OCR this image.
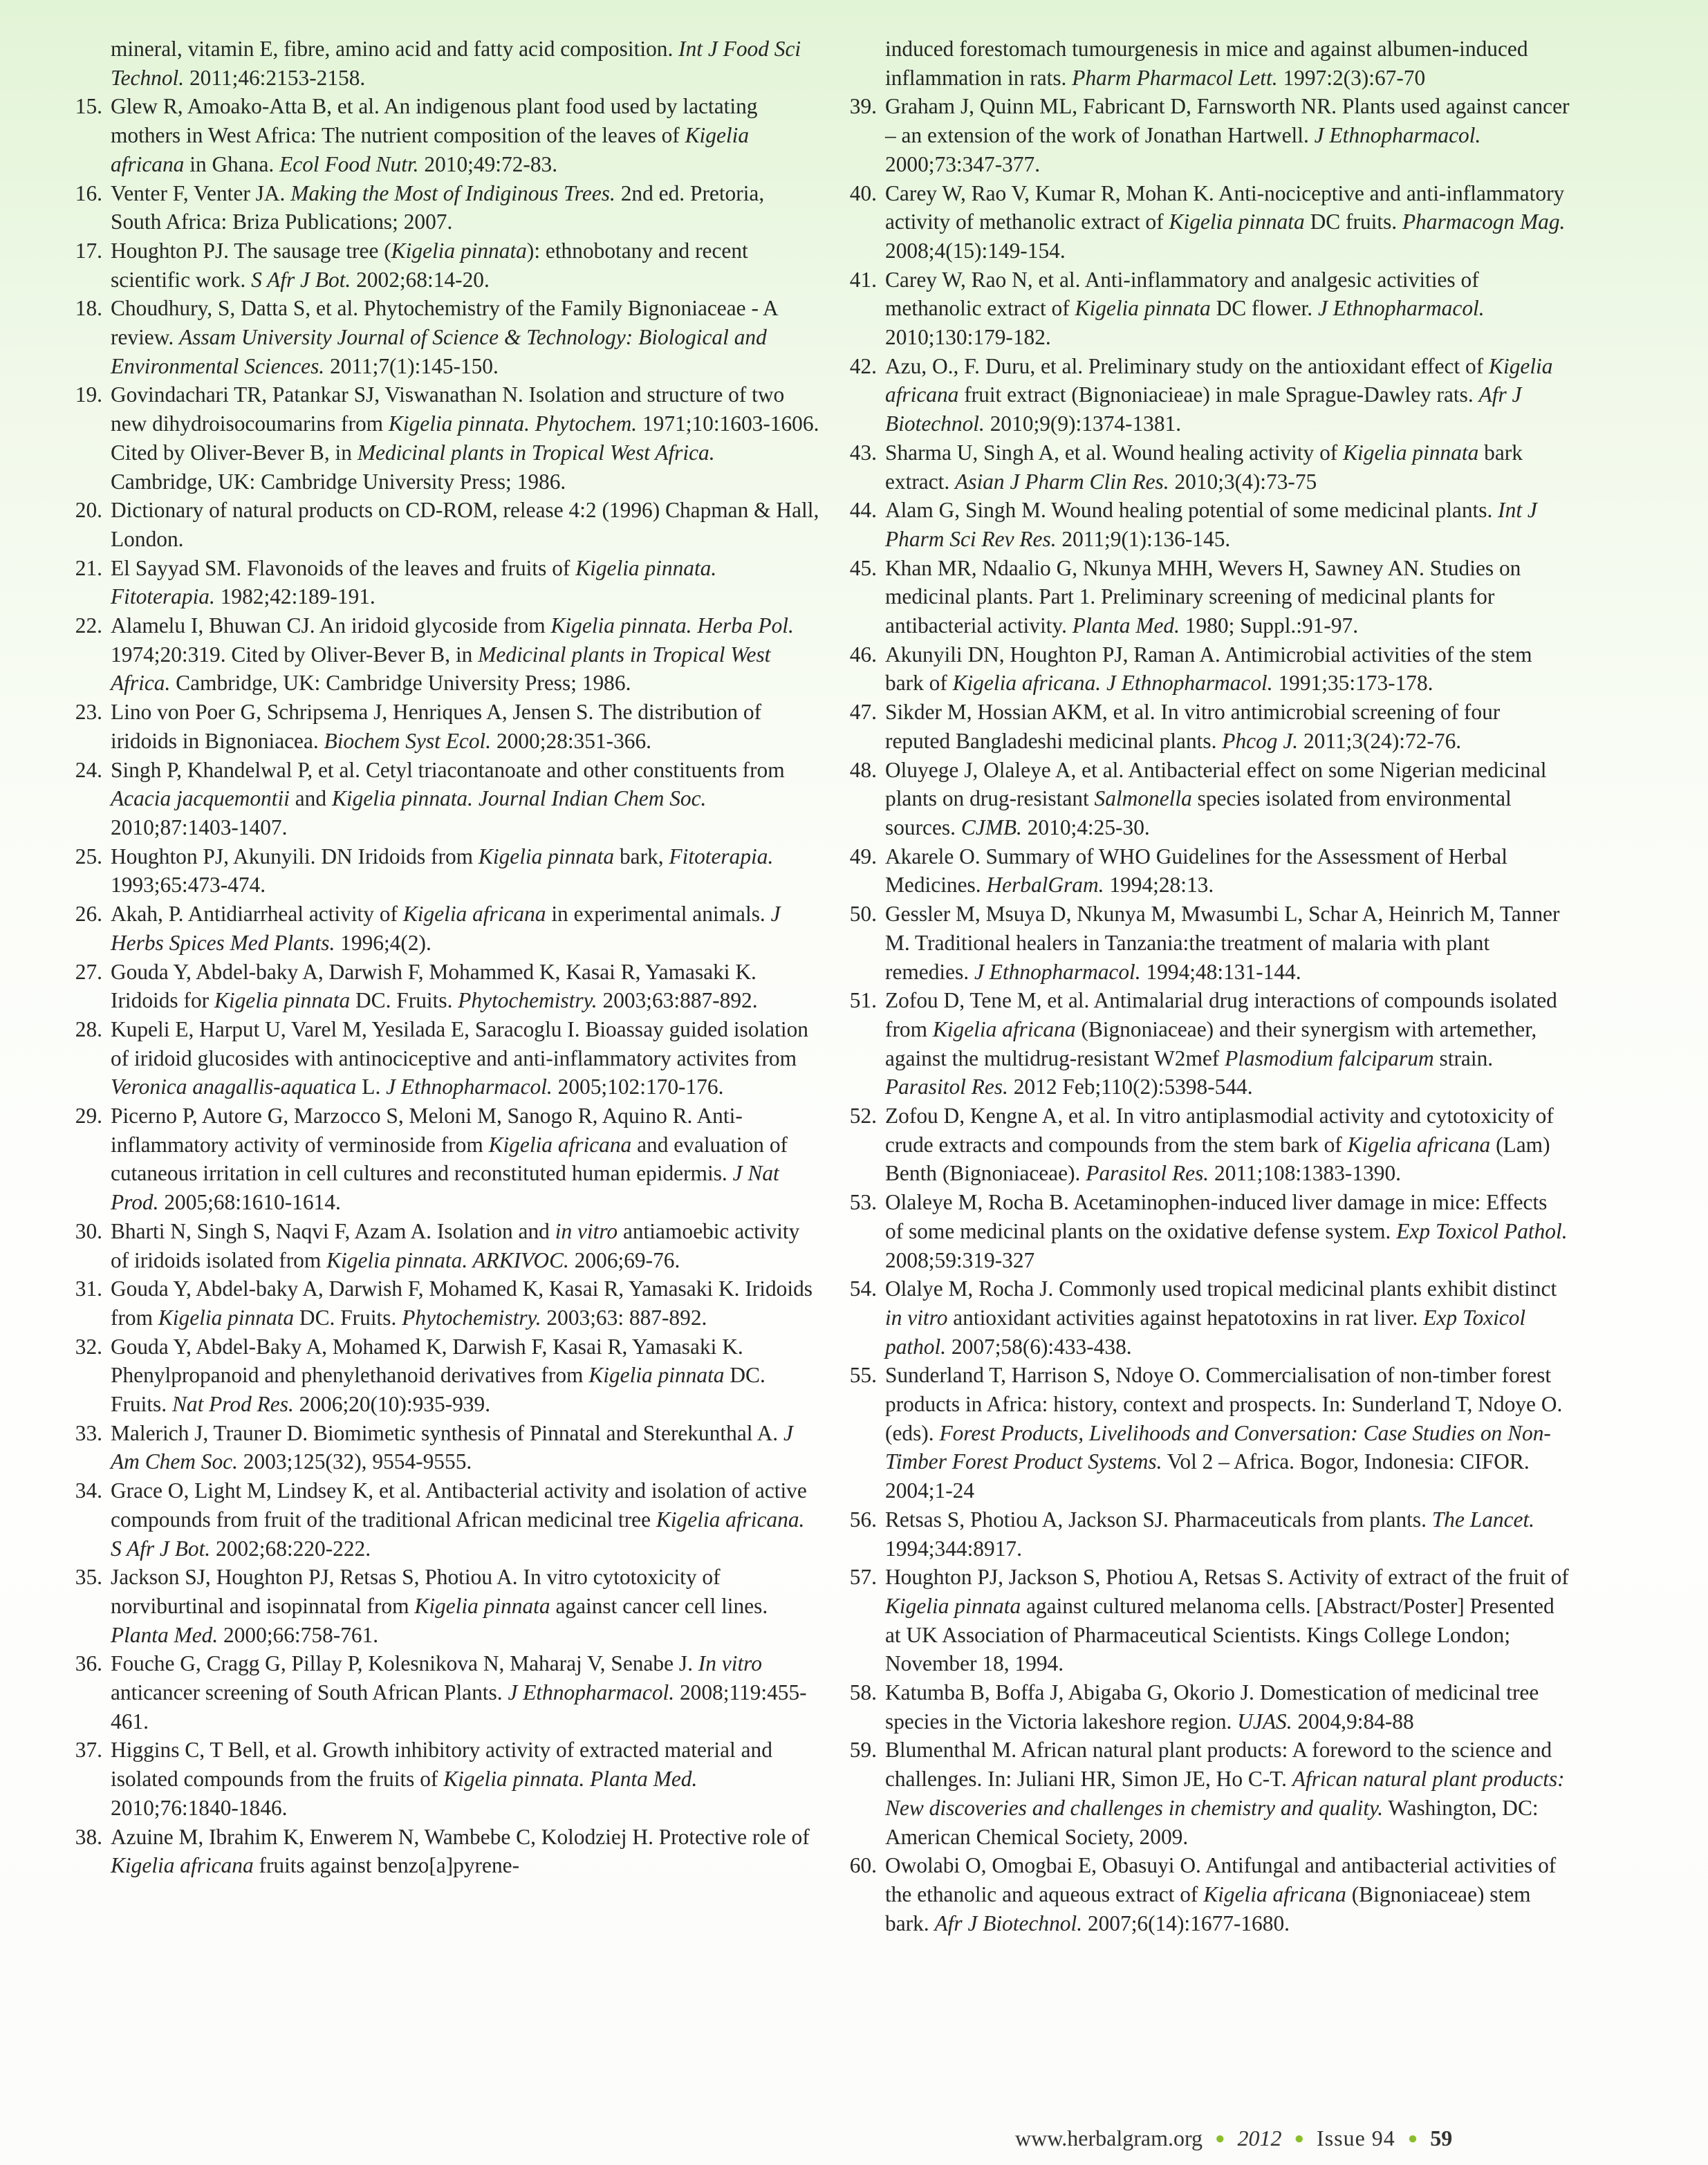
mineral, vitamin E, fibre, amino acid and fatty acid composition. Int J Food Sci Technol. 2011;46:2153-2158.

15. Glew R, Amoako-Atta B, et al. An indigenous plant food used by lactating mothers in West Africa: The nutrient composition of the leaves of Kigelia africana in Ghana. Ecol Food Nutr. 2010;49:72-83.

16. Venter F, Venter JA. Making the Most of Indiginous Trees. 2nd ed. Pretoria, South Africa: Briza Publications; 2007.

17. Houghton PJ. The sausage tree (Kigelia pinnata): ethnobotany and recent scientific work. S Afr J Bot. 2002;68:14-20.

18. Choudhury, S, Datta S, et al. Phytochemistry of the Family Bignoniaceae - A review. Assam University Journal of Science & Technology: Biological and Environmental Sciences. 2011;7(1):145-150.

19. Govindachari TR, Patankar SJ, Viswanathan N. Isolation and structure of two new dihydroisocoumarins from Kigelia pinnata. Phytochem. 1971;10:1603-1606. Cited by Oliver-Bever B, in Medicinal plants in Tropical West Africa. Cambridge, UK: Cambridge University Press; 1986.

20. Dictionary of natural products on CD-ROM, release 4:2 (1996) Chapman & Hall, London.

21. El Sayyad SM. Flavonoids of the leaves and fruits of Kigelia pinnata. Fitoterapia. 1982;42:189-191.

22. Alamelu I, Bhuwan CJ. An iridoid glycoside from Kigelia pinnata. Herba Pol. 1974;20:319. Cited by Oliver-Bever B, in Medicinal plants in Tropical West Africa. Cambridge, UK: Cambridge University Press; 1986.

23. Lino von Poer G, Schripsema J, Henriques A, Jensen S. The distribution of iridoids in Bignoniacea. Biochem Syst Ecol. 2000;28:351-366.

24. Singh P, Khandelwal P, et al. Cetyl triacontanoate and other constituents from Acacia jacquemontii and Kigelia pinnata. Journal Indian Chem Soc. 2010;87:1403-1407.

25. Houghton PJ, Akunyili. DN Iridoids from Kigelia pinnata bark, Fitoterapia. 1993;65:473-474.

26. Akah, P. Antidiarrheal activity of Kigelia africana in experimental animals. J Herbs Spices Med Plants. 1996;4(2).

27. Gouda Y, Abdel-baky A, Darwish F, Mohammed K, Kasai R, Yamasaki K. Iridoids for Kigelia pinnata DC. Fruits. Phytochemistry. 2003;63:887-892.

28. Kupeli E, Harput U, Varel M, Yesilada E, Saracoglu I. Bioassay guided isolation of iridoid glucosides with antinociceptive and anti-inflammatory activites from Veronica anagallis-aquatica L. J Ethnopharmacol. 2005;102:170-176.

29. Picerno P, Autore G, Marzocco S, Meloni M, Sanogo R, Aquino R. Anti-inflammatory activity of verminoside from Kigelia africana and evaluation of cutaneous irritation in cell cultures and reconstituted human epidermis. J Nat Prod. 2005;68:1610-1614.

30. Bharti N, Singh S, Naqvi F, Azam A. Isolation and in vitro antiamoebic activity of iridoids isolated from Kigelia pinnata. ARKIVOC. 2006;69-76.

31. Gouda Y, Abdel-baky A, Darwish F, Mohamed K, Kasai R, Yamasaki K. Iridoids from Kigelia pinnata DC. Fruits. Phytochemistry. 2003;63: 887-892.

32. Gouda Y, Abdel-Baky A, Mohamed K, Darwish F, Kasai R, Yamasaki K. Phenylpropanoid and phenylethanoid derivatives from Kigelia pinnata DC. Fruits. Nat Prod Res. 2006;20(10):935-939.

33. Malerich J, Trauner D. Biomimetic synthesis of Pinnatal and Sterekunthal A. J Am Chem Soc. 2003;125(32), 9554-9555.

34. Grace O, Light M, Lindsey K, et al. Antibacterial activity and isolation of active compounds from fruit of the traditional African medicinal tree Kigelia africana. S Afr J Bot. 2002;68:220-222.

35. Jackson SJ, Houghton PJ, Retsas S, Photiou A. In vitro cytotoxicity of norviburtinal and isopinnatal from Kigelia pinnata against cancer cell lines. Planta Med. 2000;66:758-761.

36. Fouche G, Cragg G, Pillay P, Kolesnikova N, Maharaj V, Senabe J. In vitro anticancer screening of South African Plants. J Ethnopharmacol. 2008;119:455-461.

37. Higgins C, T Bell, et al. Growth inhibitory activity of extracted material and isolated compounds from the fruits of Kigelia pinnata. Planta Med. 2010;76:1840-1846.

38. Azuine M, Ibrahim K, Enwerem N, Wambebe C, Kolodziej H. Protective role of Kigelia africana fruits against benzo[a]pyrene-

induced forestomach tumourgenesis in mice and against albumen-induced inflammation in rats. Pharm Pharmacol Lett. 1997:2(3):67-70

39. Graham J, Quinn ML, Fabricant D, Farnsworth NR. Plants used against cancer – an extension of the work of Jonathan Hartwell. J Ethnopharmacol. 2000;73:347-377.

40. Carey W, Rao V, Kumar R, Mohan K. Anti-nociceptive and anti-inflammatory activity of methanolic extract of Kigelia pinnata DC fruits. Pharmacogn Mag. 2008;4(15):149-154.

41. Carey W, Rao N, et al. Anti-inflammatory and analgesic activities of methanolic extract of Kigelia pinnata DC flower. J Ethnopharmacol. 2010;130:179-182.

42. Azu, O., F. Duru, et al. Preliminary study on the antioxidant effect of Kigelia africana fruit extract (Bignoniacieae) in male Sprague-Dawley rats. Afr J Biotechnol. 2010;9(9):1374-1381.

43. Sharma U, Singh A, et al. Wound healing activity of Kigelia pinnata bark extract. Asian J Pharm Clin Res. 2010;3(4):73-75

44. Alam G, Singh M. Wound healing potential of some medicinal plants. Int J Pharm Sci Rev Res. 2011;9(1):136-145.

45. Khan MR, Ndaalio G, Nkunya MHH, Wevers H, Sawney AN. Studies on medicinal plants. Part 1. Preliminary screening of medicinal plants for antibacterial activity. Planta Med. 1980; Suppl.:91-97.

46. Akunyili DN, Houghton PJ, Raman A. Antimicrobial activities of the stem bark of Kigelia africana. J Ethnopharmacol. 1991;35:173-178.

47. Sikder M, Hossian AKM, et al. In vitro antimicrobial screening of four reputed Bangladeshi medicinal plants. Phcog J. 2011;3(24):72-76.

48. Oluyege J, Olaleye A, et al. Antibacterial effect on some Nigerian medicinal plants on drug-resistant Salmonella species isolated from environmental sources. CJMB. 2010;4:25-30.

49. Akarele O. Summary of WHO Guidelines for the Assessment of Herbal Medicines. HerbalGram. 1994;28:13.

50. Gessler M, Msuya D, Nkunya M, Mwasumbi L, Schar A, Heinrich M, Tanner M. Traditional healers in Tanzania:the treatment of malaria with plant remedies. J Ethnopharmacol. 1994;48:131-144.

51. Zofou D, Tene M, et al. Antimalarial drug interactions of compounds isolated from Kigelia africana (Bignoniaceae) and their synergism with artemether, against the multidrug-resistant W2mef Plasmodium falciparum strain. Parasitol Res. 2012 Feb;110(2):5398-544.

52. Zofou D, Kengne A, et al. In vitro antiplasmodial activity and cytotoxicity of crude extracts and compounds from the stem bark of Kigelia africana (Lam) Benth (Bignoniaceae). Parasitol Res. 2011;108:1383-1390.

53. Olaleye M, Rocha B. Acetaminophen-induced liver damage in mice: Effects of some medicinal plants on the oxidative defense system. Exp Toxicol Pathol. 2008;59:319-327

54. Olalye M, Rocha J. Commonly used tropical medicinal plants exhibit distinct in vitro antioxidant activities against hepatotoxins in rat liver. Exp Toxicol pathol. 2007;58(6):433-438.

55. Sunderland T, Harrison S, Ndoye O. Commercialisation of non-timber forest products in Africa: history, context and prospects. In: Sunderland T, Ndoye O. (eds). Forest Products, Livelihoods and Conversation: Case Studies on Non-Timber Forest Product Systems. Vol 2 – Africa. Bogor, Indonesia: CIFOR. 2004;1-24

56. Retsas S, Photiou A, Jackson SJ. Pharmaceuticals from plants. The Lancet. 1994;344:8917.

57. Houghton PJ, Jackson S, Photiou A, Retsas S. Activity of extract of the fruit of Kigelia pinnata against cultured melanoma cells. [Abstract/Poster] Presented at UK Association of Pharmaceutical Scientists. Kings College London; November 18, 1994.

58. Katumba B, Boffa J, Abigaba G, Okorio J. Domestication of medicinal tree species in the Victoria lakeshore region. UJAS. 2004,9:84-88

59. Blumenthal M. African natural plant products: A foreword to the science and challenges. In: Juliani HR, Simon JE, Ho C-T. African natural plant products: New discoveries and challenges in chemistry and quality. Washington, DC: American Chemical Society, 2009.

60. Owolabi O, Omogbai E, Obasuyi O. Antifungal and antibacterial activities of the ethanolic and aqueous extract of Kigelia africana (Bignoniaceae) stem bark. Afr J Biotechnol. 2007;6(14):1677-1680.

www.herbalgram.org ● 2012 ● Issue 94 ● 59
